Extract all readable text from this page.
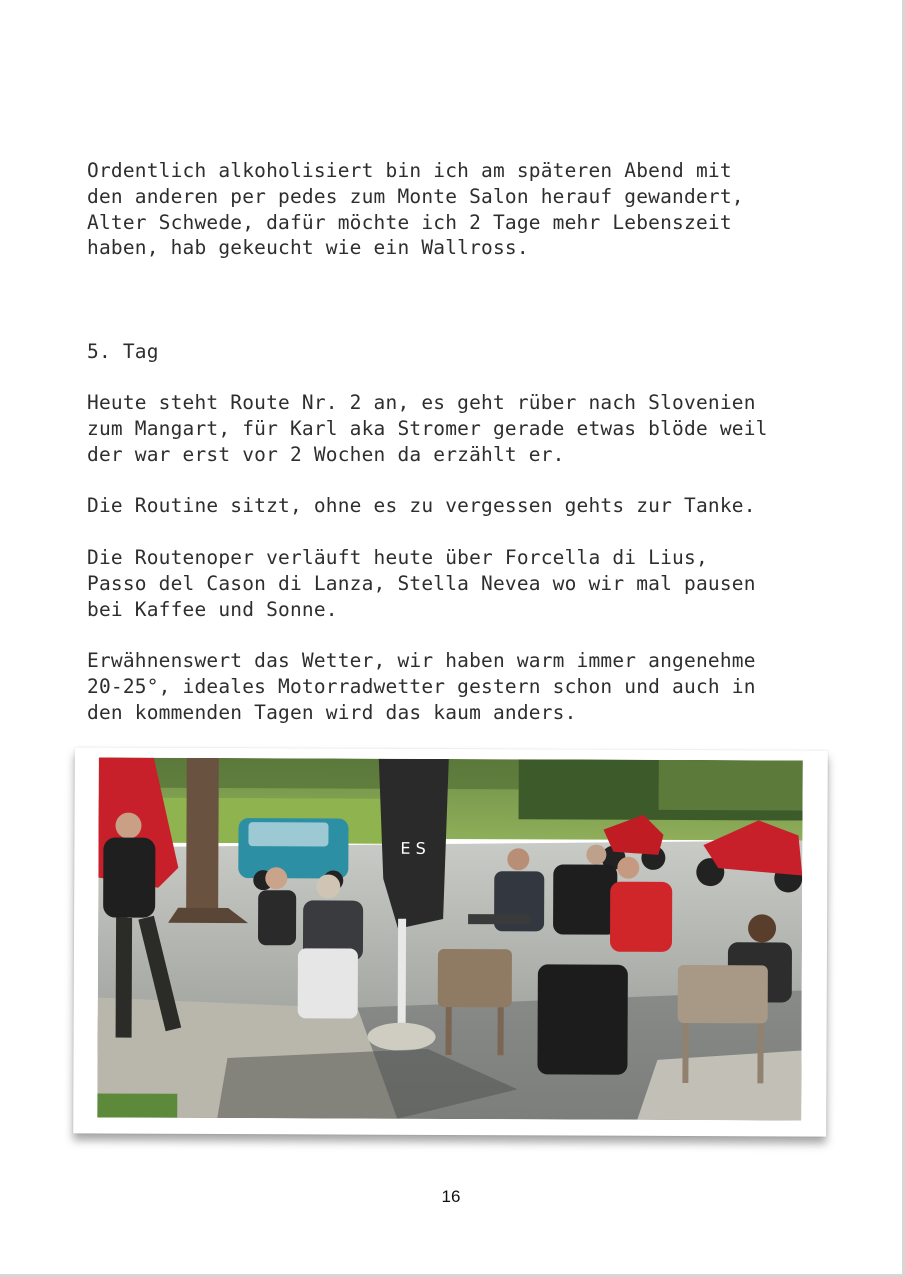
Ordentlich alkoholisiert bin ich am späteren Abend mit
den anderen per pedes zum Monte Salon herauf gewandert,
Alter Schwede, dafür möchte ich 2 Tage mehr Lebenszeit
haben, hab gekeucht wie ein Wallross.

5. Tag

Heute steht Route Nr. 2 an, es geht rüber nach Slovenien
zum Mangart, für Karl aka Stromer gerade etwas blöde weil
der war erst vor 2 Wochen da erzählt er.

Die Routine sitzt, ohne es zu vergessen gehts zur Tanke.

Die Routenoper verläuft heute über Forcella di Lius,
Passo del Cason di Lanza, Stella Nevea wo wir mal pausen
bei Kaffee und Sonne.

Erwähnenswert das Wetter, wir haben warm immer angenehme
20-25°, ideales Motorradwetter gestern schon und auch in
den kommenden Tagen wird das kaum anders.

E S
16
